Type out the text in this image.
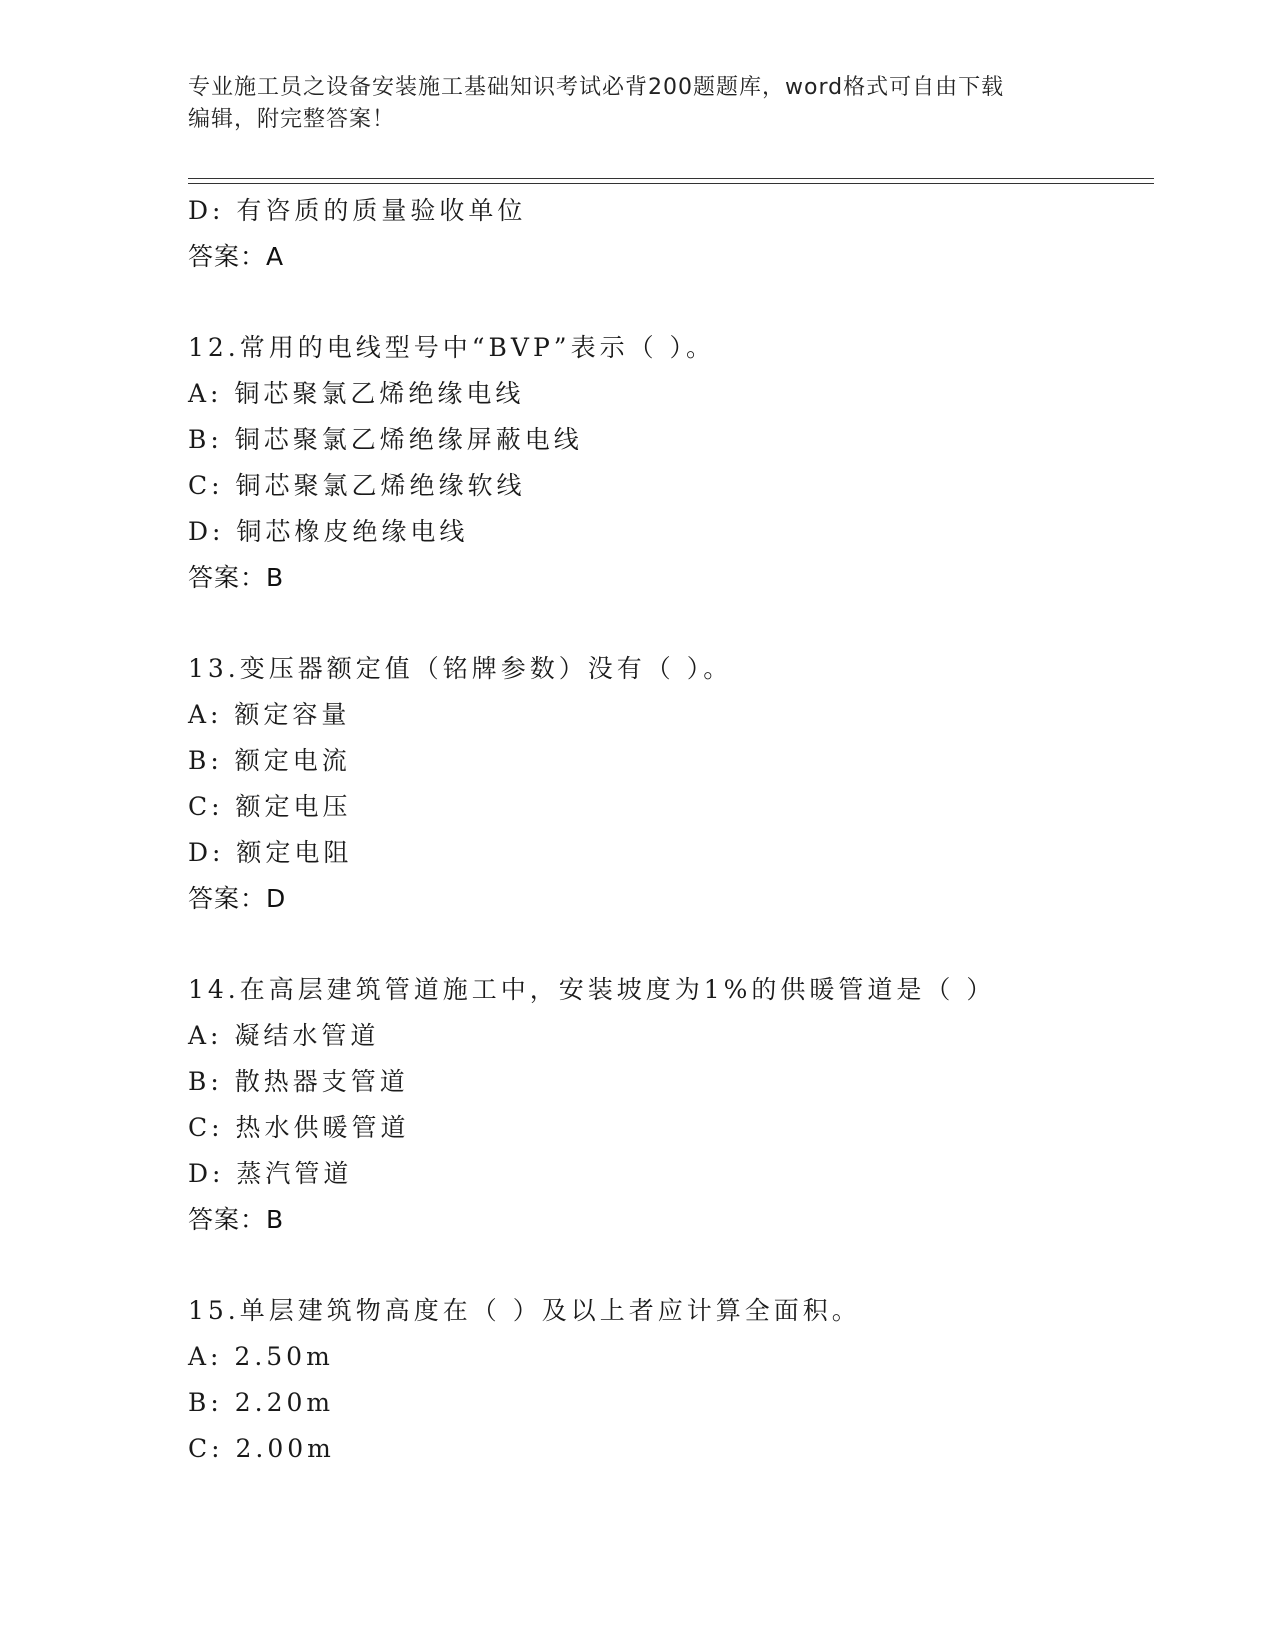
专业施工员之设备安装施工基础知识考试必背200题题库，word格式可自由下载
编辑，附完整答案！
D: 有咨质的质量验收单位
答案：A
12.常用的电线型号中“BVP”表示（ ）。
A: 铜芯聚氯乙烯绝缘电线
B: 铜芯聚氯乙烯绝缘屏蔽电线
C: 铜芯聚氯乙烯绝缘软线
D: 铜芯橡皮绝缘电线
答案：B
13.变压器额定值（铭牌参数）没有（ ）。
A: 额定容量
B: 额定电流
C: 额定电压
D: 额定电阻
答案：D
14.在高层建筑管道施工中，安装坡度为1%的供暖管道是（ ）
A: 凝结水管道
B: 散热器支管道
C: 热水供暖管道
D: 蒸汽管道
答案：B
15.单层建筑物高度在（ ）及以上者应计算全面积。
A: 2.50m
B: 2.20m
C: 2.00m
